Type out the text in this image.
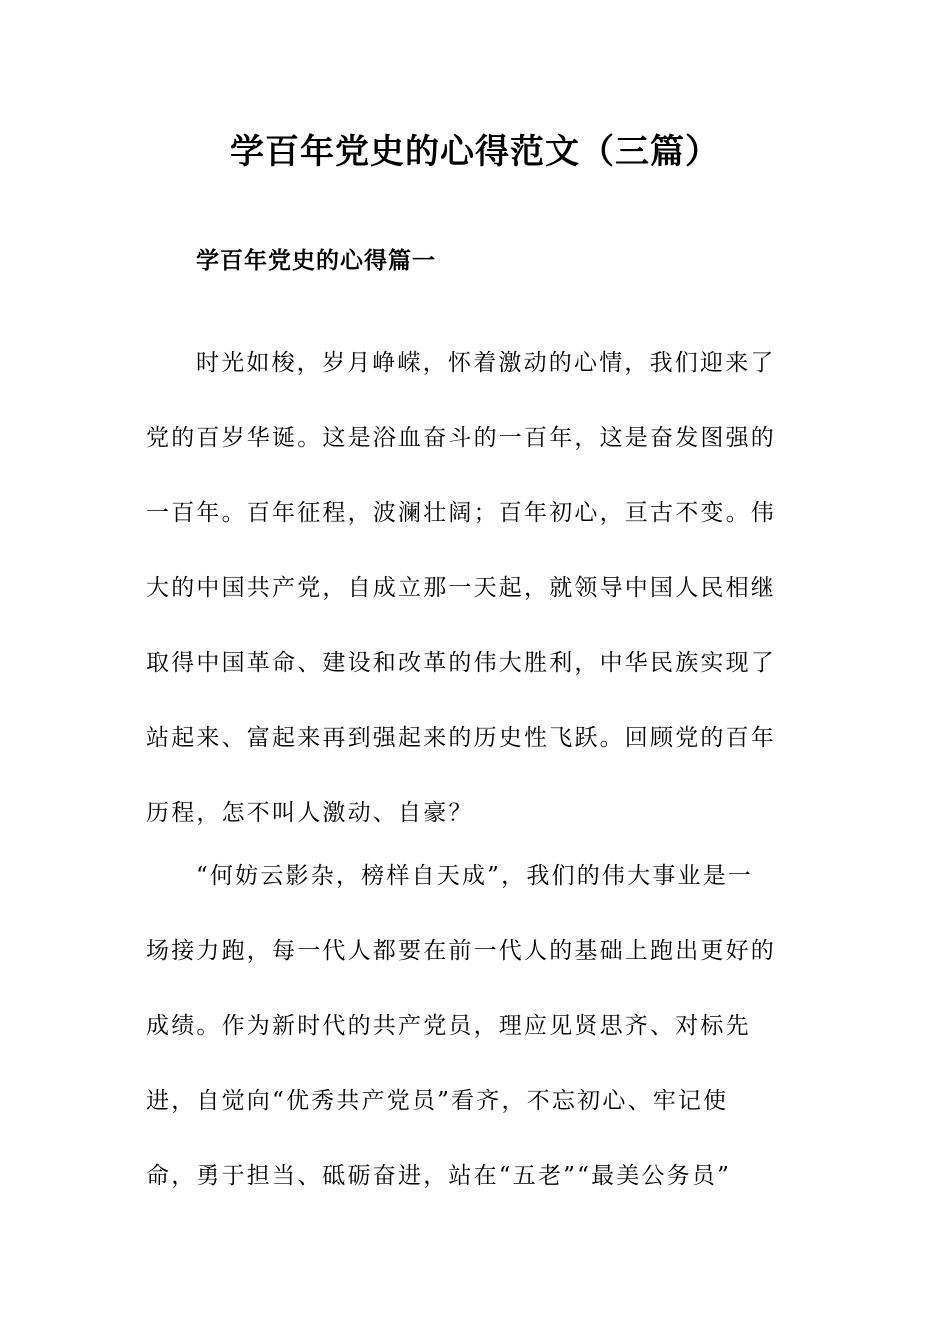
学百年党史的心得范文（三篇）
学百年党史的心得篇一
时光如梭，岁月峥嵘，怀着激动的心情，我们迎来了
党的百岁华诞。这是浴血奋斗的一百年，这是奋发图强的
一百年。百年征程，波澜壮阔；百年初心，亘古不变。伟
大的中国共产党，自成立那一天起，就领导中国人民相继
取得中国革命、建设和改革的伟大胜利，中华民族实现了
站起来、富起来再到强起来的历史性飞跃。回顾党的百年
历程，怎不叫人激动、自豪？
“何妨云影杂，榜样自天成”，我们的伟大事业是一
场接力跑，每一代人都要在前一代人的基础上跑出更好的
成绩。作为新时代的共产党员，理应见贤思齐、对标先
进，自觉向“优秀共产党员”看齐，不忘初心、牢记使
命，勇于担当、砥砺奋进，站在“五老”“最美公务员”
